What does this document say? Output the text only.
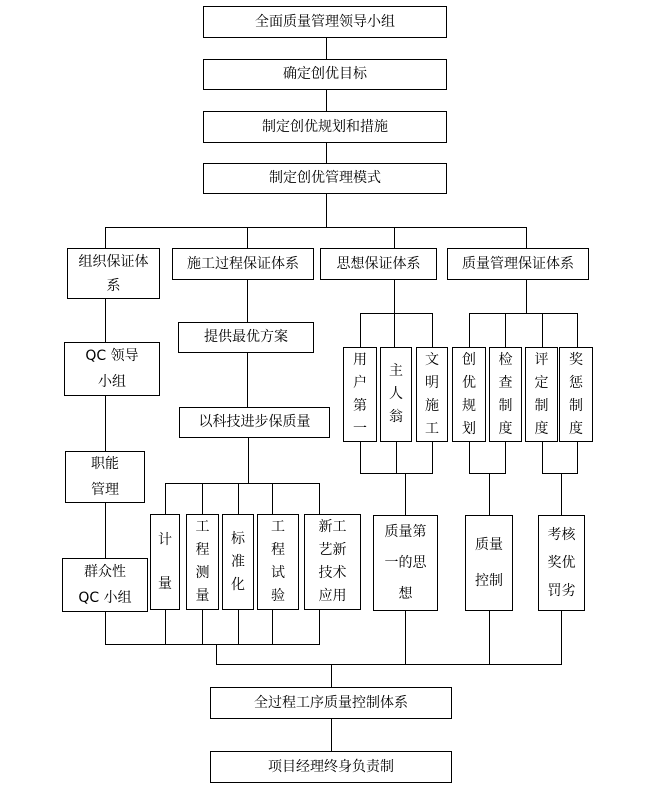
全面质量管理领导小组
确定创优目标
制定创优规划和措施
制定创优管理模式
组织保证体系
施工过程保证体系	思想保证体系	质量管理保证体系
QC 领导小组
职能管理
群众性 QC 小组
提供最优方案
以科技进步保质量
计量
工程测量
标准化
工程试验
新工艺新技术应用
用户第一
主人翁
文明施工
质量第一的思想
创优规划
检查制度
评定制度
奖惩制度
质量控制
考核奖优罚劣
全过程工序质量控制体系
项目经理终身负责制
